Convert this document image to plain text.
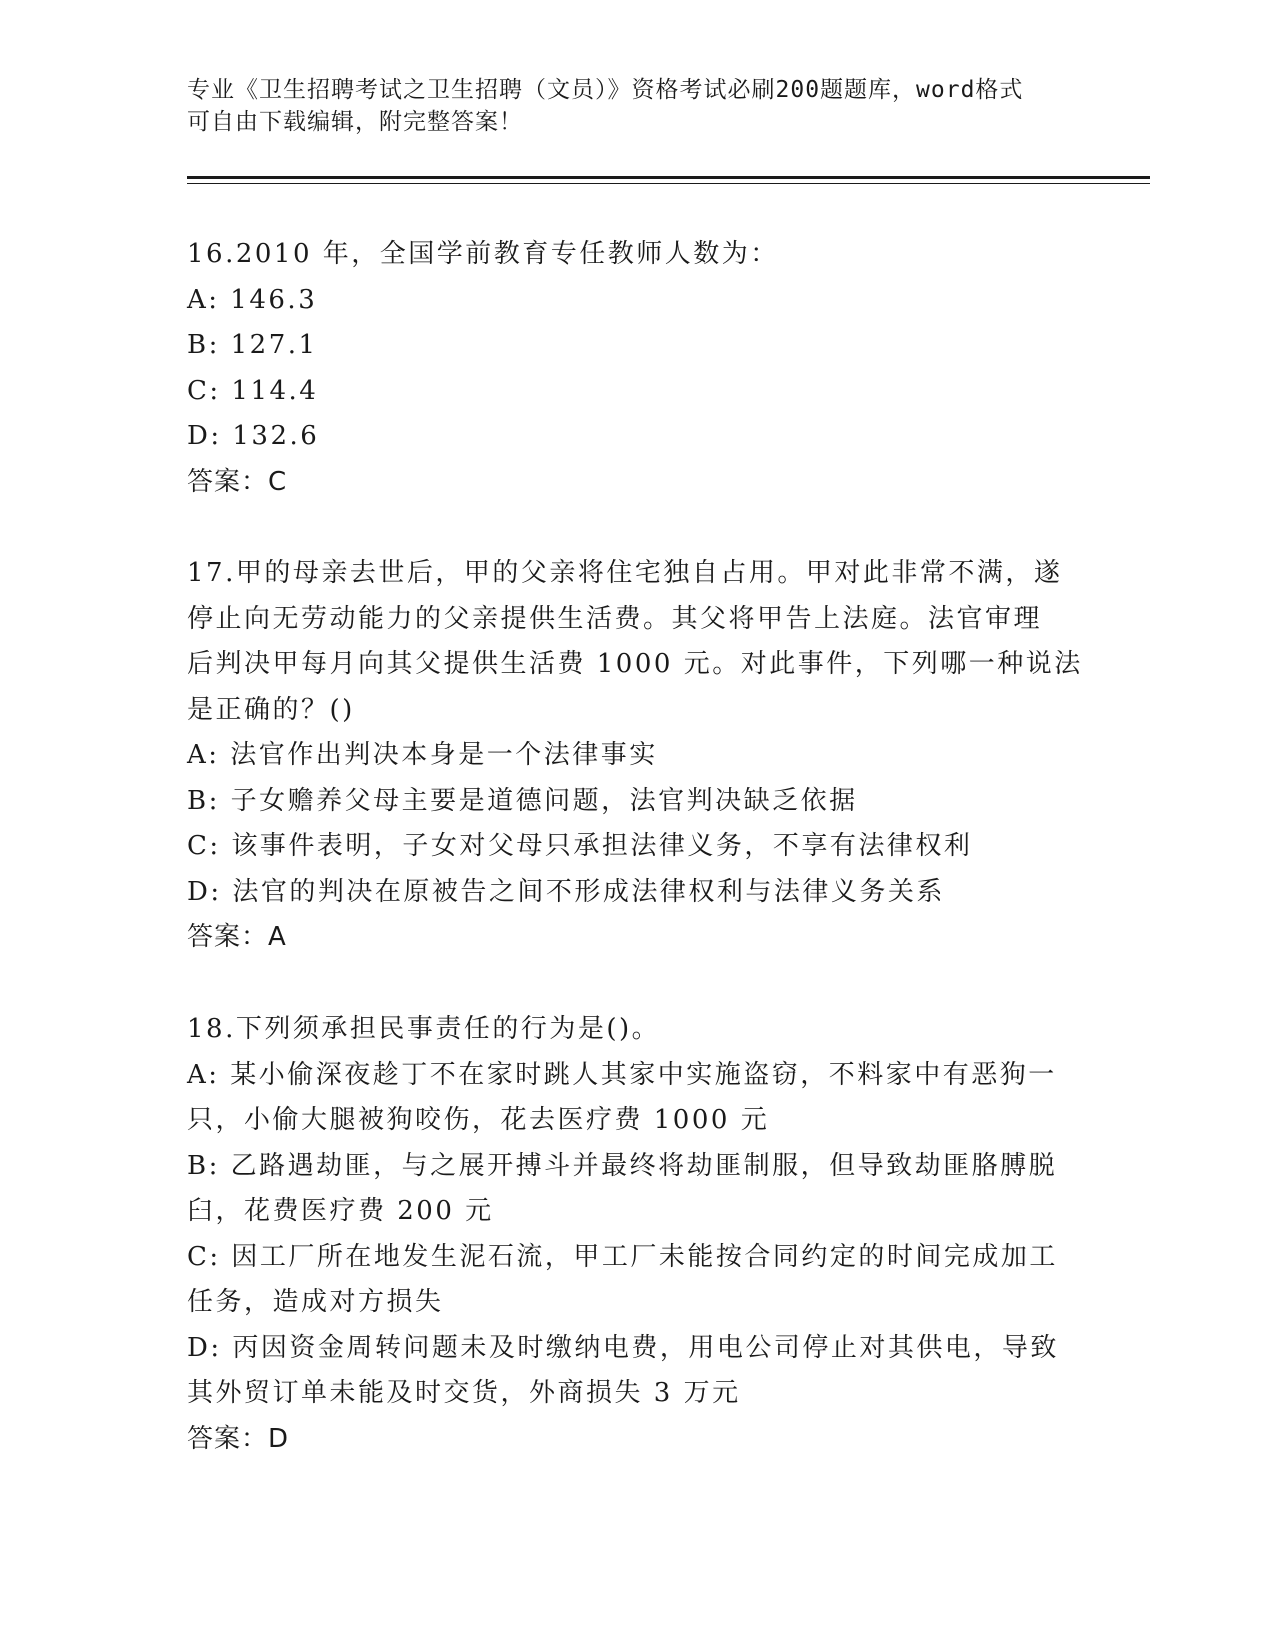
专业《卫生招聘考试之卫生招聘（文员）》资格考试必刷200题题库，word格式
可自由下载编辑，附完整答案！
16.2010 年，全国学前教育专任教师人数为：
A: 146.3
B: 127.1
C: 114.4
D: 132.6
答案：C
17.甲的母亲去世后，甲的父亲将住宅独自占用。甲对此非常不满，遂
停止向无劳动能力的父亲提供生活费。其父将甲告上法庭。法官审理
后判决甲每月向其父提供生活费 1000 元。对此事件，下列哪一种说法
是正确的？()
A: 法官作出判决本身是一个法律事实
B: 子女赡养父母主要是道德问题，法官判决缺乏依据
C: 该事件表明，子女对父母只承担法律义务，不享有法律权利
D: 法官的判决在原被告之间不形成法律权利与法律义务关系
答案：A
18.下列须承担民事责任的行为是()。
A: 某小偷深夜趁丁不在家时跳人其家中实施盗窃，不料家中有恶狗一
只，小偷大腿被狗咬伤，花去医疗费 1000 元
B: 乙路遇劫匪，与之展开搏斗并最终将劫匪制服，但导致劫匪胳膊脱
臼，花费医疗费 200 元
C: 因工厂所在地发生泥石流，甲工厂未能按合同约定的时间完成加工
任务，造成对方损失
D: 丙因资金周转问题未及时缴纳电费，用电公司停止对其供电，导致
其外贸订单未能及时交货，外商损失 3 万元
答案：D
